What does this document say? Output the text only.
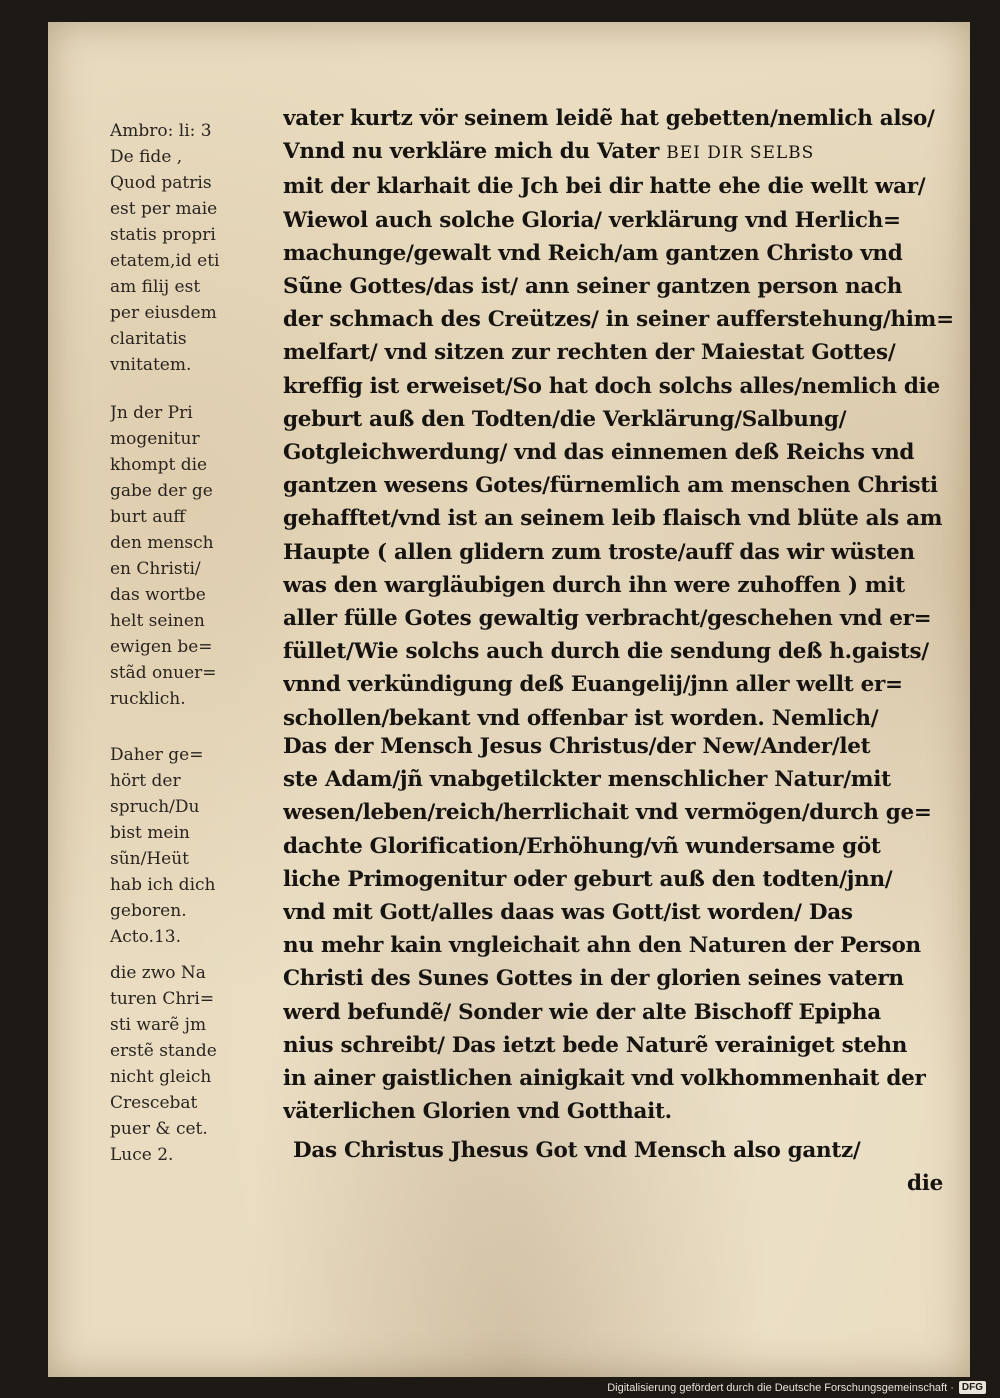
Ambro: li: 3
De fide ,
Quod patris
est per maie
statis propri
etatem,id eti
am filij est
per eiusdem
claritatis
vnitatem.
Jn der Pri
mogenitur
khompt die
gabe der ge
burt auff
den mensch
en Christi/
das wortbe
helt seinen
ewigen be=
stãd onuer=
rucklich.
Daher ge=
hört der
spruch/Du
bist mein
sũn/Heüt
hab ich dich
geboren.
Acto.13.
die zwo Na
turen Chri=
sti warẽ jm
erstẽ stande
nicht gleich
Crescebat
puer & cet.
Luce 2.
vater kurtz vör seinem leidẽ hat gebetten/nemlich also/
Vnnd nu verkläre mich du Vater BEI DIR SELBS
mit der klarhait die Jch bei dir hatte ehe die wellt war/
Wiewol auch solche Gloria/ verklärung vnd Herlich=
machunge/gewalt vnd Reich/am gantzen Christo vnd
Sũne Gottes/das ist/ ann seiner gantzen person nach
der schmach des Creützes/ in seiner aufferstehung/him=
melfart/ vnd sitzen zur rechten der Maiestat Gottes/
kreffig ist erweiset/So hat doch solchs alles/nemlich die
geburt auß den Todten/die Verklärung/Salbung/
Gotgleichwerdung/ vnd das einnemen deß Reichs vnd
gantzen wesens Gotes/fürnemlich am menschen Christi
gehafftet/vnd ist an seinem leib flaisch vnd blüte als am
Haupte ( allen glidern zum troste/auff das wir wüsten
was den wargläubigen durch ihn were zuhoffen ) mit
aller fülle Gotes gewaltig verbracht/geschehen vnd er=
füllet/Wie solchs auch durch die sendung deß h.gaists/
vnnd verkündigung deß Euangelij/jnn aller wellt er=
schollen/bekant vnd offenbar ist worden. Nemlich/
Das der Mensch Jesus Christus/der New/Ander/let
ste Adam/jñ vnabgetilckter menschlicher Natur/mit
wesen/leben/reich/herrlichait vnd vermögen/durch ge=
dachte Glorification/Erhöhung/vñ wundersame göt
liche Primogenitur oder geburt auß den todten/jnn/
vnd mit Gott/alles daas was Gott/ist worden/ Das
nu mehr kain vngleichait ahn den Naturen der Person
Christi des Sunes Gottes in der glorien seines vatern
werd befundẽ/ Sonder wie der alte Bischoff Epipha
nius schreibt/ Das ietzt bede Naturẽ verainiget stehn
in ainer gaistlichen ainigkait vnd volkhommenhait der
väterlichen Glorien vnd Gotthait.
Das Christus Jhesus Got vnd Mensch also gantz/
die
Digitalisierung gefördert durch die Deutsche Forschungsgemeinschaft · DFG
